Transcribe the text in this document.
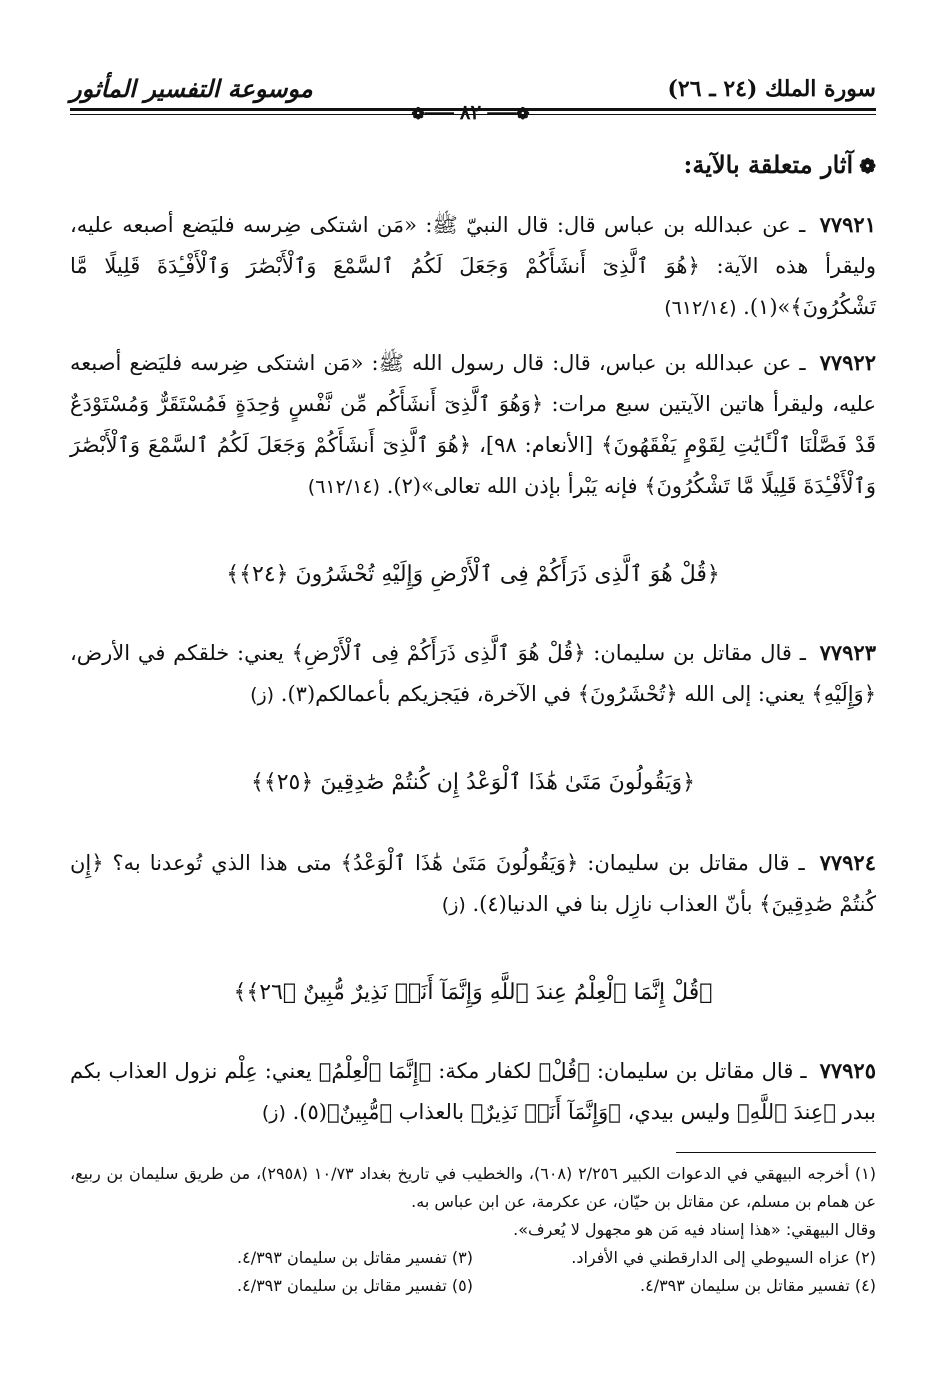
سورة الملك (٢٤ ـ ٢٦)
موسوعة التفسير المأثور
❁━━━٨٢━━━❁
❁آثار متعلقة بالآية:
٧٧٩٢١ ـ عن عبدالله بن عباس قال: قال النبيّ ﷺ: «مَن اشتكى ضِرسه فليَضع أصبعه عليه، وليقرأ هذه الآية: ﴿هُوَ ٱلَّذِىٓ أَنشَأَكُمْ وَجَعَلَ لَكُمُ ٱلسَّمْعَ وَٱلْأَبْصَٰرَ وَٱلْأَفْـِٔدَةَ قَلِيلًا مَّا تَشْكُرُونَ﴾»(١). (٦١٢/١٤)
٧٧٩٢٢ ـ عن عبدالله بن عباس، قال: قال رسول الله ﷺ: «مَن اشتكى ضِرسه فليَضع أصبعه عليه، وليقرأ هاتين الآيتين سبع مرات: ﴿وَهُوَ ٱلَّذِىٓ أَنشَأَكُم مِّن نَّفْسٍ وَٰحِدَةٍ فَمُسْتَقَرٌّ وَمُسْتَوْدَعٌ قَدْ فَصَّلْنَا ٱلْـَٔايَٰتِ لِقَوْمٍ يَفْقَهُونَ﴾ [الأنعام: ٩٨]، ﴿هُوَ ٱلَّذِىٓ أَنشَأَكُمْ وَجَعَلَ لَكُمُ ٱلسَّمْعَ وَٱلْأَبْصَٰرَ وَٱلْأَفْـِٔدَةَ قَلِيلًا مَّا تَشْكُرُونَ﴾ فإنه يَبْرأ بإذن الله تعالى»(٢). (٦١٢/١٤)
﴿قُلْ هُوَ ٱلَّذِى ذَرَأَكُمْ فِى ٱلْأَرْضِ وَإِلَيْهِ تُحْشَرُونَ ﴿٢٤﴾﴾
٧٧٩٢٣ ـ قال مقاتل بن سليمان: ﴿قُلْ هُوَ ٱلَّذِى ذَرَأَكُمْ فِى ٱلْأَرْضِ﴾ يعني: خلقكم في الأرض، ﴿وَإِلَيْهِ﴾ يعني: إلى الله ﴿تُحْشَرُونَ﴾ في الآخرة، فيَجزيكم بأعمالكم(٣). (ز)
﴿وَيَقُولُونَ مَتَىٰ هَٰذَا ٱلْوَعْدُ إِن كُنتُمْ صَٰدِقِينَ ﴿٢٥﴾﴾
٧٧٩٢٤ ـ قال مقاتل بن سليمان: ﴿وَيَقُولُونَ مَتَىٰ هَٰذَا ٱلْوَعْدُ﴾ متى هذا الذي تُوعدنا به؟ ﴿إِن كُنتُمْ صَٰدِقِينَ﴾ بأنّ العذاب نازِل بنا في الدنيا(٤). (ز)
﴿قُلْ إِنَّمَا ٱلْعِلْمُ عِندَ ٱللَّهِ وَإِنَّمَآ أَنَا۠ نَذِيرٌ مُّبِينٌ ﴿٢٦﴾﴾
٧٧٩٢٥ ـ قال مقاتل بن سليمان: ﴿قُلْ﴾ لكفار مكة: ﴿إِنَّمَا ٱلْعِلْمُ﴾ يعني: عِلْم نزول العذاب بكم ببدر ﴿عِندَ ٱللَّهِ﴾ وليس بيدي، ﴿وَإِنَّمَآ أَنَا۠ نَذِيرٌ﴾ بالعذاب ﴿مُّبِينٌ﴾(٥). (ز)
(١) أخرجه البيهقي في الدعوات الكبير ٢/٢٥٦ (٦٠٨)، والخطيب في تاريخ بغداد ١٠/٧٣ (٢٩٥٨)، من طريق سليمان بن ربيع، عن همام بن مسلم، عن مقاتل بن حيّان، عن عكرمة، عن ابن عباس به.
وقال البيهقي: «هذا إسناد فيه مَن هو مجهول لا يُعرف».
(٢) عزاه السيوطي إلى الدارقطني في الأفراد.
(٣) تفسير مقاتل بن سليمان ٤/٣٩٣.
(٤) تفسير مقاتل بن سليمان ٤/٣٩٣.
(٥) تفسير مقاتل بن سليمان ٤/٣٩٣.
